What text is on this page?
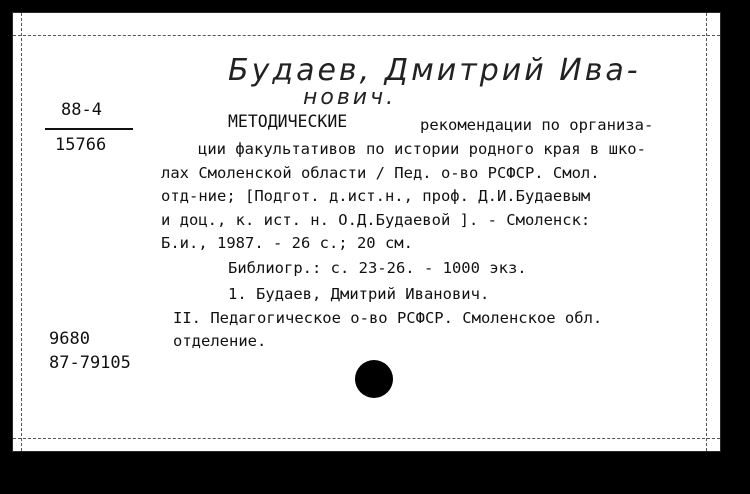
Будаев, Дмитрий Ива-
нович.
88-4
15766
МЕТОДИЧЕСКИЕ	рекомендации по организа-
ции факультативов по истории родного края в шко-
лах Смоленской области / Пед. о-во РСФСР. Смол.
отд-ние; [Подгот. д.ист.н., проф. Д.И.Будаевым
и доц., к. ист. н. О.Д.Будаевой ]. - Смоленск:
Б.и., 1987. - 26 с.; 20 см.
Библиогр.: с. 23-26. - 1000 экз.
1. Будаев, Дмитрий Иванович.
II. Педагогическое о-во РСФСР. Смоленское обл.
отделение.
9680
87-79105
